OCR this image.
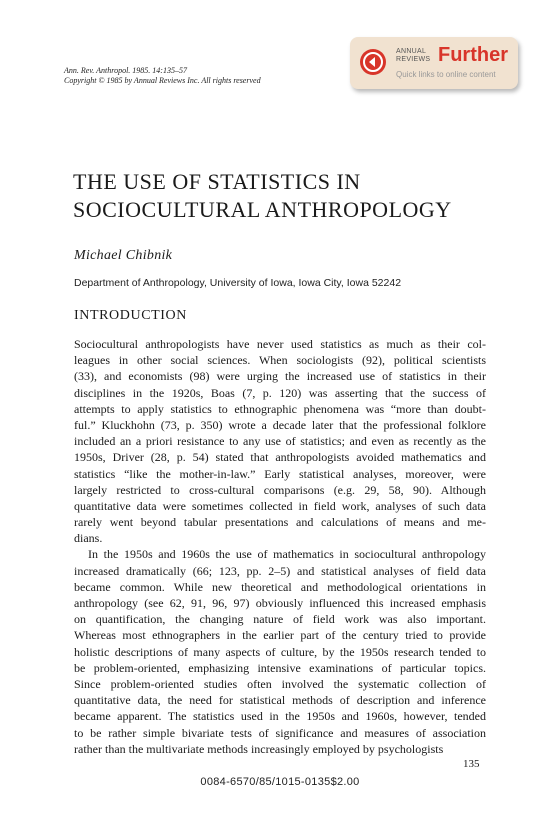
Ann. Rev. Anthropol. 1985. 14:135–57
Copyright © 1985 by Annual Reviews Inc. All rights reserved
ANNUAL
REVIEWS Further
Quick links to online content
THE USE OF STATISTICS IN
SOCIOCULTURAL ANTHROPOLOGY
Michael Chibnik
Department of Anthropology, University of Iowa, Iowa City, Iowa 52242
INTRODUCTION
Sociocultural anthropologists have never used statistics as much as their col-
leagues in other social sciences. When sociologists (92), political scientists
(33), and economists (98) were urging the increased use of statistics in their
disciplines in the 1920s, Boas (7, p. 120) was asserting that the success of
attempts to apply statistics to ethnographic phenomena was “more than doubt-
ful.” Kluckhohn (73, p. 350) wrote a decade later that the professional folklore
included an a priori resistance to any use of statistics; and even as recently as the
1950s, Driver (28, p. 54) stated that anthropologists avoided mathematics and
statistics “like the mother-in-law.” Early statistical analyses, moreover, were
largely restricted to cross-cultural comparisons (e.g. 29, 58, 90). Although
quantitative data were sometimes collected in field work, analyses of such data
rarely went beyond tabular presentations and calculations of means and me-
dians.
In the 1950s and 1960s the use of mathematics in sociocultural anthropology
increased dramatically (66; 123, pp. 2–5) and statistical analyses of field data
became common. While new theoretical and methodological orientations in
anthropology (see 62, 91, 96, 97) obviously influenced this increased emphasis
on quantification, the changing nature of field work was also important.
Whereas most ethnographers in the earlier part of the century tried to provide
holistic descriptions of many aspects of culture, by the 1950s research tended to
be problem-oriented, emphasizing intensive examinations of particular topics.
Since problem-oriented studies often involved the systematic collection of
quantitative data, the need for statistical methods of description and inference
became apparent. The statistics used in the 1950s and 1960s, however, tended
to be rather simple bivariate tests of significance and measures of association
rather than the multivariate methods increasingly employed by psychologists
135
0084-6570/85/1015-0135$2.00
